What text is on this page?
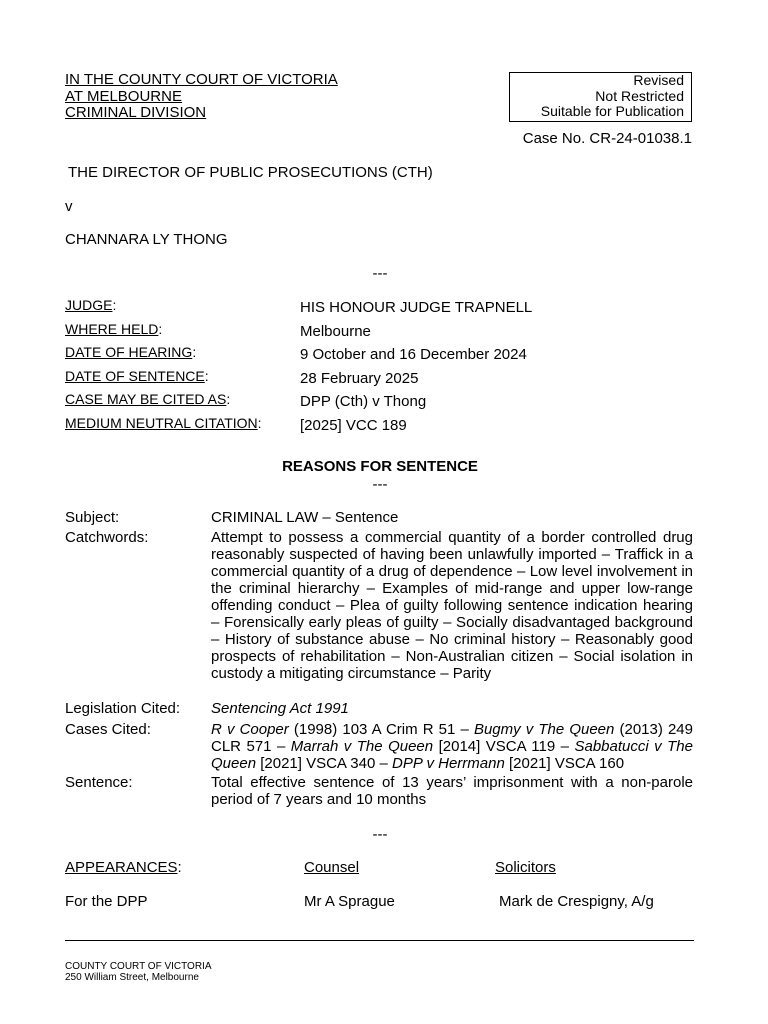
IN THE COUNTY COURT OF VICTORIA
AT MELBOURNE
CRIMINAL DIVISION
Revised
Not Restricted
Suitable for Publication
Case No. CR-24-01038.1
THE DIRECTOR OF PUBLIC PROSECUTIONS (CTH)
v
CHANNARA LY THONG
---
JUDGE:	HIS HONOUR JUDGE TRAPNELL
WHERE HELD:	Melbourne
DATE OF HEARING:	9 October and 16 December 2024
DATE OF SENTENCE:	28 February 2025
CASE MAY BE CITED AS:	DPP (Cth) v Thong
MEDIUM NEUTRAL CITATION:	[2025] VCC 189
REASONS FOR SENTENCE
---
Subject:	CRIMINAL LAW – Sentence
Catchwords:	Attempt to possess a commercial quantity of a border controlled drug reasonably suspected of having been unlawfully imported – Traffick in a commercial quantity of a drug of dependence – Low level involvement in the criminal hierarchy – Examples of mid-range and upper low-range offending conduct – Plea of guilty following sentence indication hearing – Forensically early pleas of guilty – Socially disadvantaged background – History of substance abuse – No criminal history – Reasonably good prospects of rehabilitation – Non-Australian citizen – Social isolation in custody a mitigating circumstance – Parity
Legislation Cited: Sentencing Act 1991
Cases Cited:	R v Cooper (1998) 103 A Crim R 51 – Bugmy v The Queen (2013) 249 CLR 571 – Marrah v The Queen [2014] VSCA 119 – Sabbatucci v The Queen [2021] VSCA 340 – DPP v Herrmann [2021] VSCA 160
Sentence:	Total effective sentence of 13 years’ imprisonment with a non-parole period of 7 years and 10 months
---
APPEARANCES:	Counsel	Solicitors
For the DPP	Mr A Sprague	Mark de Crespigny, A/g
COUNTY COURT OF VICTORIA
250 William Street, Melbourne
